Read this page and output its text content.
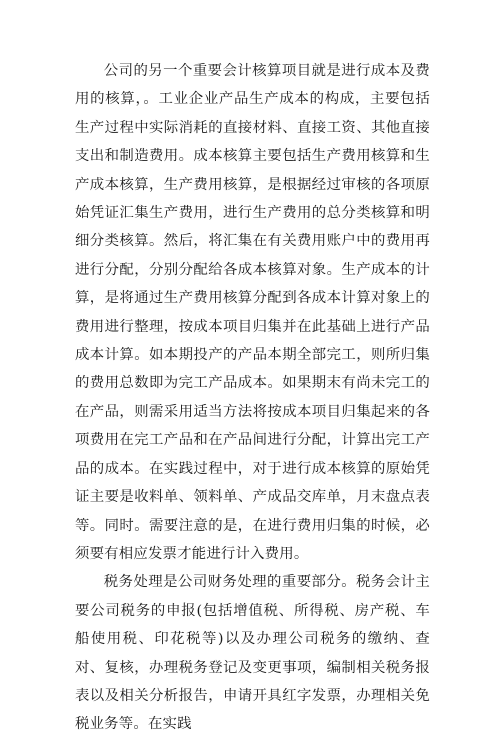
公司的另一个重要会计核算项目就是进行成本及费用的核算，。工业企业产品生产成本的构成，主要包括生产过程中实际消耗的直接材料、直接工资、其他直接支出和制造费用。成本核算主要包括生产费用核算和生产成本核算，生产费用核算，是根据经过审核的各项原始凭证汇集生产费用，进行生产费用的总分类核算和明细分类核算。然后，将汇集在有关费用账户中的费用再进行分配，分别分配给各成本核算对象。生产成本的计算，是将通过生产费用核算分配到各成本计算对象上的费用进行整理，按成本项目归集并在此基础上进行产品成本计算。如本期投产的产品本期全部完工，则所归集的费用总数即为完工产品成本。如果期末有尚未完工的在产品，则需采用适当方法将按成本项目归集起来的各项费用在完工产品和在产品间进行分配，计算出完工产品的成本。在实践过程中，对于进行成本核算的原始凭证主要是收料单、领料单、产成品交库单，月末盘点表等。同时。需要注意的是，在进行费用归集的时候，必须要有相应发票才能进行计入费用。

税务处理是公司财务处理的重要部分。税务会计主要公司税务的申报(包括增值税、所得税、房产税、车船使用税、印花税等)以及办理公司税务的缴纳、查对、复核，办理税务登记及变更事项，编制相关税务报表以及相关分析报告，申请开具红字发票，办理相关免税业务等。在实践
